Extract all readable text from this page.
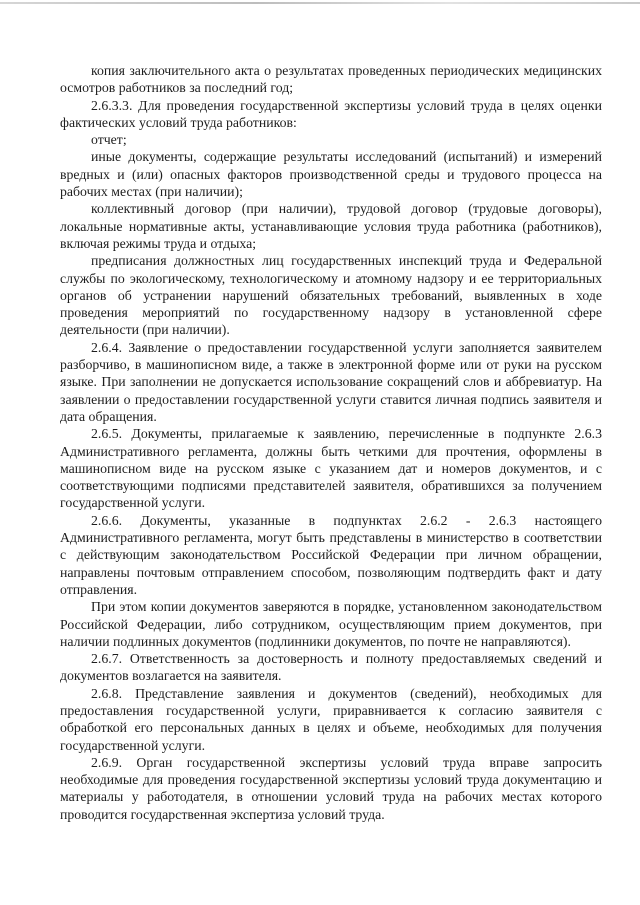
копия заключительного акта о результатах проведенных периодических медицинских осмотров работников за последний год;

2.6.3.3. Для проведения государственной экспертизы условий труда в целях оценки фактических условий труда работников:

отчет;

иные документы, содержащие результаты исследований (испытаний) и измерений вредных и (или) опасных факторов производственной среды и трудового процесса на рабочих местах (при наличии);

коллективный договор (при наличии), трудовой договор (трудовые договоры), локальные нормативные акты, устанавливающие условия труда работника (работников), включая режимы труда и отдыха;

предписания должностных лиц государственных инспекций труда и Федеральной службы по экологическому, технологическому и атомному надзору и ее территориальных органов об устранении нарушений обязательных требований, выявленных в ходе проведения мероприятий по государственному надзору в установленной сфере деятельности (при наличии).

2.6.4. Заявление о предоставлении государственной услуги заполняется заявителем разборчиво, в машинописном виде, а также в электронной форме или от руки на русском языке. При заполнении не допускается использование сокращений слов и аббревиатур. На заявлении о предоставлении государственной услуги ставится личная подпись заявителя и дата обращения.

2.6.5. Документы, прилагаемые к заявлению, перечисленные в подпункте 2.6.3 Административного регламента, должны быть четкими для прочтения, оформлены в машинописном виде на русском языке с указанием дат и номеров документов, и с соответствующими подписями представителей заявителя, обратившихся за получением государственной услуги.

2.6.6. Документы, указанные в подпунктах 2.6.2 - 2.6.3 настоящего Административного регламента, могут быть представлены в министерство в соответствии с действующим законодательством Российской Федерации при личном обращении, направлены почтовым отправлением способом, позволяющим подтвердить факт и дату отправления.

При этом копии документов заверяются в порядке, установленном законодательством Российской Федерации, либо сотрудником, осуществляющим прием документов, при наличии подлинных документов (подлинники документов, по почте не направляются).

2.6.7. Ответственность за достоверность и полноту предоставляемых сведений и документов возлагается на заявителя.

2.6.8. Представление заявления и документов (сведений), необходимых для предоставления государственной услуги, приравнивается к согласию заявителя с обработкой его персональных данных в целях и объеме, необходимых для получения государственной услуги.

2.6.9. Орган государственной экспертизы условий труда вправе запросить необходимые для проведения государственной экспертизы условий труда документацию и материалы у работодателя, в отношении условий труда на рабочих местах которого проводится государственная экспертиза условий труда.
